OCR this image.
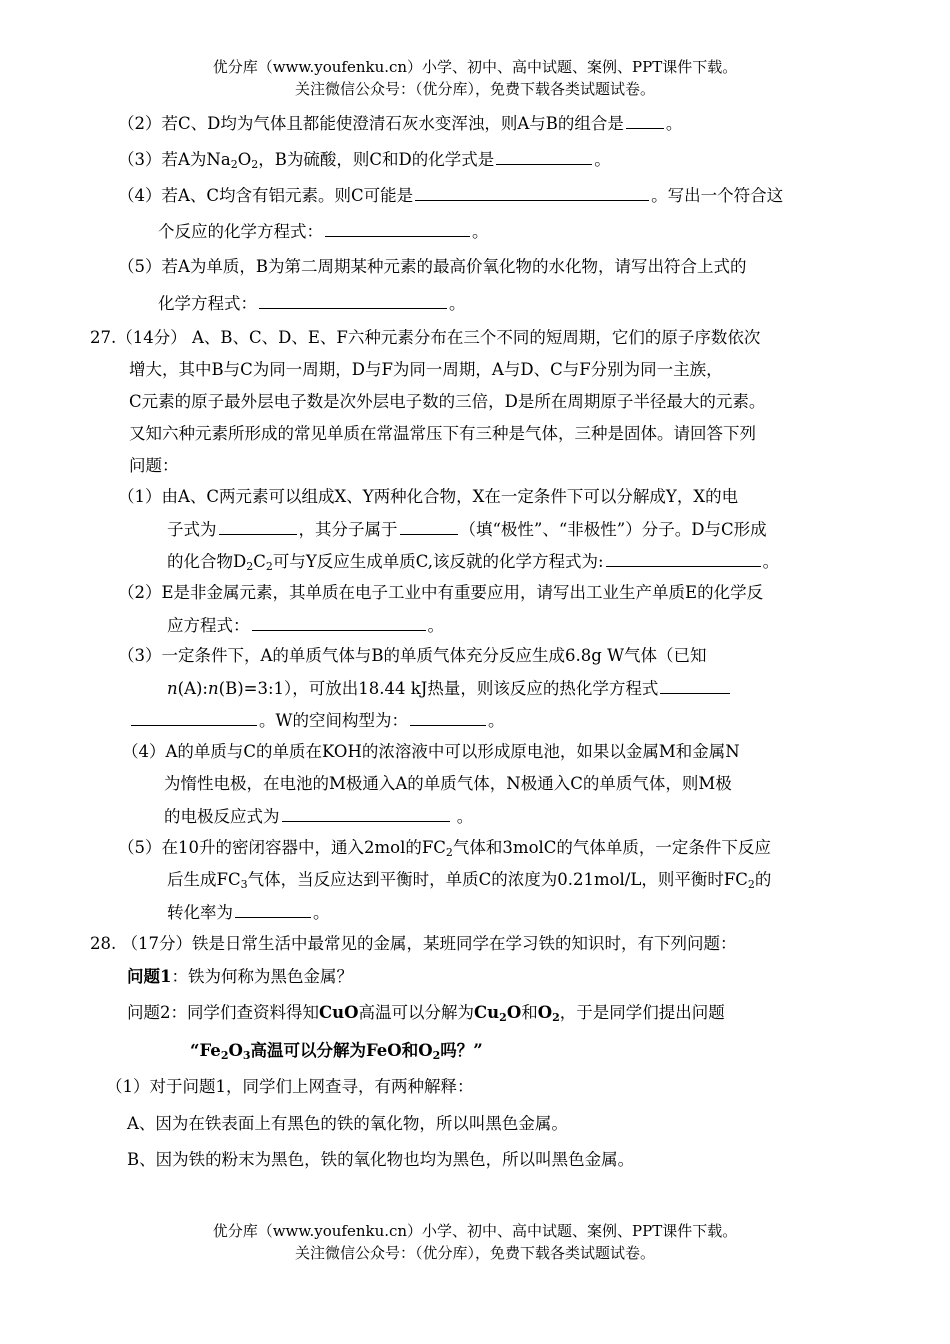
优分库（www.youfenku.cn）小学、初中、高中试题、案例、PPT课件下载。
关注微信公众号：（优分库），免费下载各类试题试卷。
（2）若C、D均为气体且都能使澄清石灰水变浑浊，则A与B的组合是	。
（3）若A为$Na_2O_2$，B为硫酸，则C和D的化学式是	。
（4）若A、C均含有铝元素。则C可能是	。写出一个符合这
个反应的化学方程式：	。
（5）若A为单质，B为第二周期某种元素的最高价氧化物的水化物，请写出符合上式的
化学方程式：	。
27.（14分） A、B、C、D、E、F六种元素分布在三个不同的短周期，它们的原子序数依次
增大，其中B与C为同一周期，D与F为同一周期，A与D、C与F分别为同一主族，
C元素的原子最外层电子数是次外层电子数的三倍，D是所在周期原子半径最大的元素。
又知六种元素所形成的常见单质在常温常压下有三种是气体，三种是固体。请回答下列
问题：
（1）由A、C两元素可以组成X、Y两种化合物，X在一定条件下可以分解成Y，X的电
子式为	，其分子属于	（填“极性”、“非极性”）分子。D与C形成
的化合物$D_2C_2$可与Y反应生成单质C,该反就的化学方程式为:	。
（2）E是非金属元素，其单质在电子工业中有重要应用，请写出工业生产单质E的化学反
应方程式：	。
（3）一定条件下，A的单质气体与B的单质气体充分反应生成6.8g W气体（已知
n(A):n(B)=3:1），可放出18.44 kJ热量，则该反应的热化学方程式
。W的空间构型为：	。
（4）A的单质与C的单质在KOH的浓溶液中可以形成原电池，如果以金属M和金属N
为惰性电极，在电池的M极通入A的单质气体，N极通入C的单质气体，则M极
的电极反应式为	。
（5）在10升的密闭容器中，通入2mol的$FC_2$气体和3molC的气体单质，一定条件下反应
后生成$FC_3$气体，当反应达到平衡时，单质C的浓度为0.21mol/L，则平衡时$FC_2$的
转化率为	。
28. （17分）铁是日常生活中最常见的金属，某班同学在学习铁的知识时，有下列问题：
问题1：铁为何称为黑色金属？
问题2：同学们查资料得知CuO高温可以分解为$Cu_2O$和$O_2$，于是同学们提出问题
“$Fe_2O_3$高温可以分解为FeO和$O_2$吗？”
（1）对于问题1，同学们上网查寻，有两种解释：
A、因为在铁表面上有黑色的铁的氧化物，所以叫黑色金属。
B、因为铁的粉末为黑色，铁的氧化物也均为黑色，所以叫黑色金属。
优分库（www.youfenku.cn）小学、初中、高中试题、案例、PPT课件下载。
关注微信公众号：（优分库），免费下载各类试题试卷。
